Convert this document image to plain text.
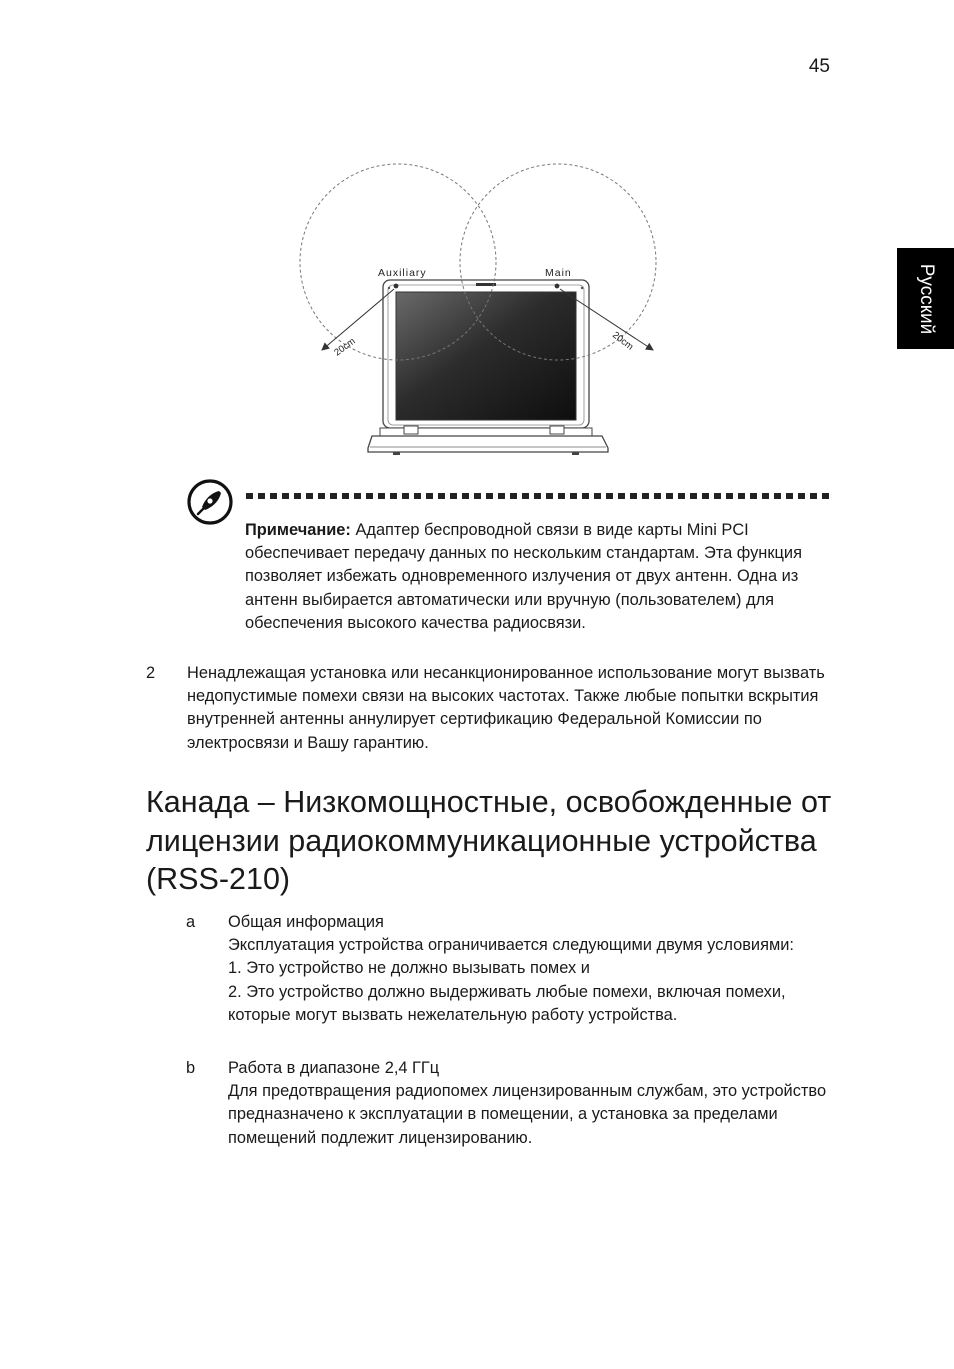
45
Русский
Auxiliary	Main
20cm	20cm
Примечание: Адаптер беспроводной связи в виде карты Mini PCI обеспечивает передачу данных по нескольким стандартам. Эта функция позволяет избежать одновременного излучения от двух антенн. Одна из антенн выбирается автоматически или вручную (пользователем) для обеспечения высокого качества радиосвязи.
2 Ненадлежащая установка или несанкционированное использование могут вызвать недопустимые помехи связи на высоких частотах. Также любые попытки вскрытия внутренней антенны аннулирует сертификацию Федеральной Комиссии по электросвязи и Вашу гарантию.
Канада – Низкомощностные, освобожденные от лицензии радиокоммуникационные устройства (RSS-210)
a Общая информация
Эксплуатация устройства ограничивается следующими двумя условиями:
1. Это устройство не должно вызывать помех и
2. Это устройство должно выдерживать любые помехи, включая помехи, которые могут вызвать нежелательную работу устройства.
b Работа в диапазоне 2,4 ГГц
Для предотвращения радиопомех лицензированным службам, это устройство предназначено к эксплуатации в помещении, а установка за пределами помещений подлежит лицензированию.
